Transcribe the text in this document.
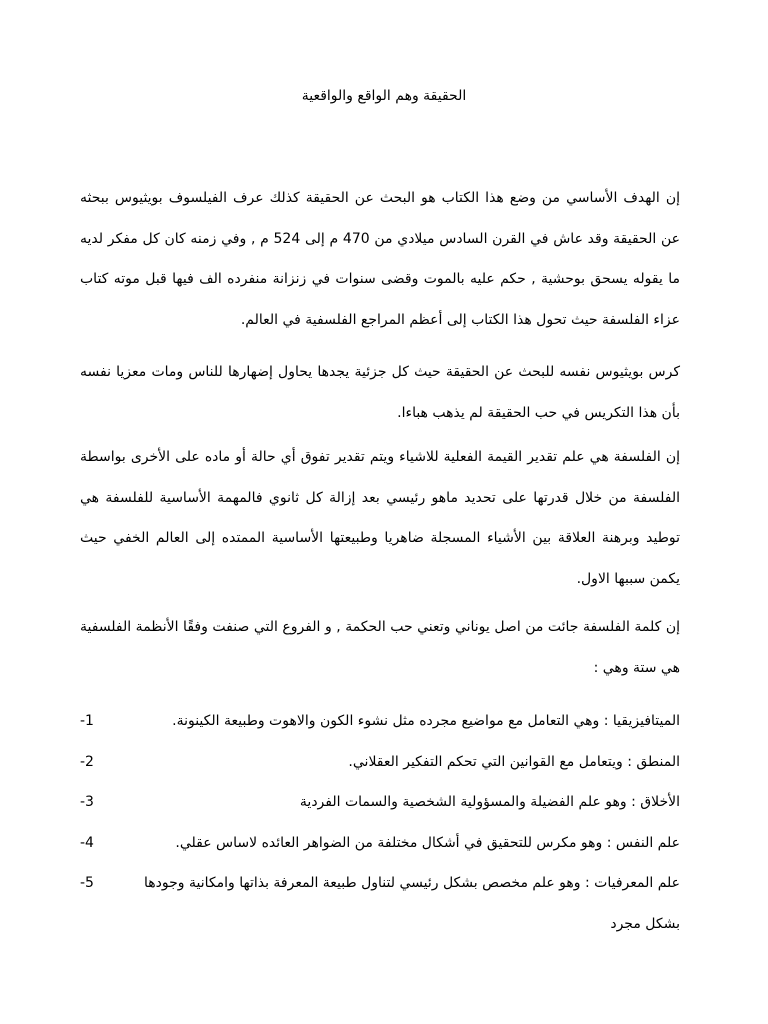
الحقيقة وهم الواقع والواقعية

إن الهدف الأساسي من وضع هذا الكتاب هو البحث عن الحقيقة كذلك عرف الفيلسوف بويثيوس ببحثه عن الحقيقة وقد عاش في القرن السادس ميلادي من 470 م إلى 524 م , وفي زمنه كان كل مفكر لديه ما يقوله يسحق بوحشية , حكم عليه بالموت وقضى سنوات في زنزانة منفرده الف فيها قبل موته كتاب عزاء الفلسفة حيث تحول هذا الكتاب إلى أعظم المراجع الفلسفية في العالم.

كرس بويثيوس نفسه للبحث عن الحقيقة حيث كل جزئية يجدها يحاول إضهارها للناس ومات معزيا نفسه بأن هذا التكريس في حب الحقيقة لم يذهب هباءا.

إن الفلسفة هي علم تقدير القيمة الفعلية للاشياء ويتم تقدير تفوق أي حالة أو ماده على الأخرى بواسطة الفلسفة من خلال قدرتها على تحديد ماهو رئيسي بعد إزالة كل ثانوي فالمهمة الأساسية للفلسفة هي توطيد وبرهنة العلاقة بين الأشياء المسجلة ضاهريا وطبيعتها الأساسية الممتده إلى العالم الخفي حيث يكمن سببها الاول.

إن كلمة الفلسفة جائت من اصل يوناني وتعني حب الحكمة , و الفروع التي صنفت وفقًا الأنظمة الفلسفية هي ستة وهي :

الميتافيزيقيا : وهي التعامل مع مواضيع مجرده مثل نشوء الكون والاهوت وطبيعة الكينونة.
-1
المنطق : ويتعامل مع القوانين التي تحكم التفكير العقلاني.
-2
الأخلاق : وهو علم الفضيلة والمسؤولية الشخصية والسمات الفردية
-3
علم النفس : وهو مكرس للتحقيق في أشكال مختلفة من الضواهر العائده لاساس عقلي.
-4
علم المعرفيات : وهو علم مخصص بشكل رئيسي لتناول طبيعة المعرفة بذاتها وامكانية وجودها بشكل مجرد
-5
